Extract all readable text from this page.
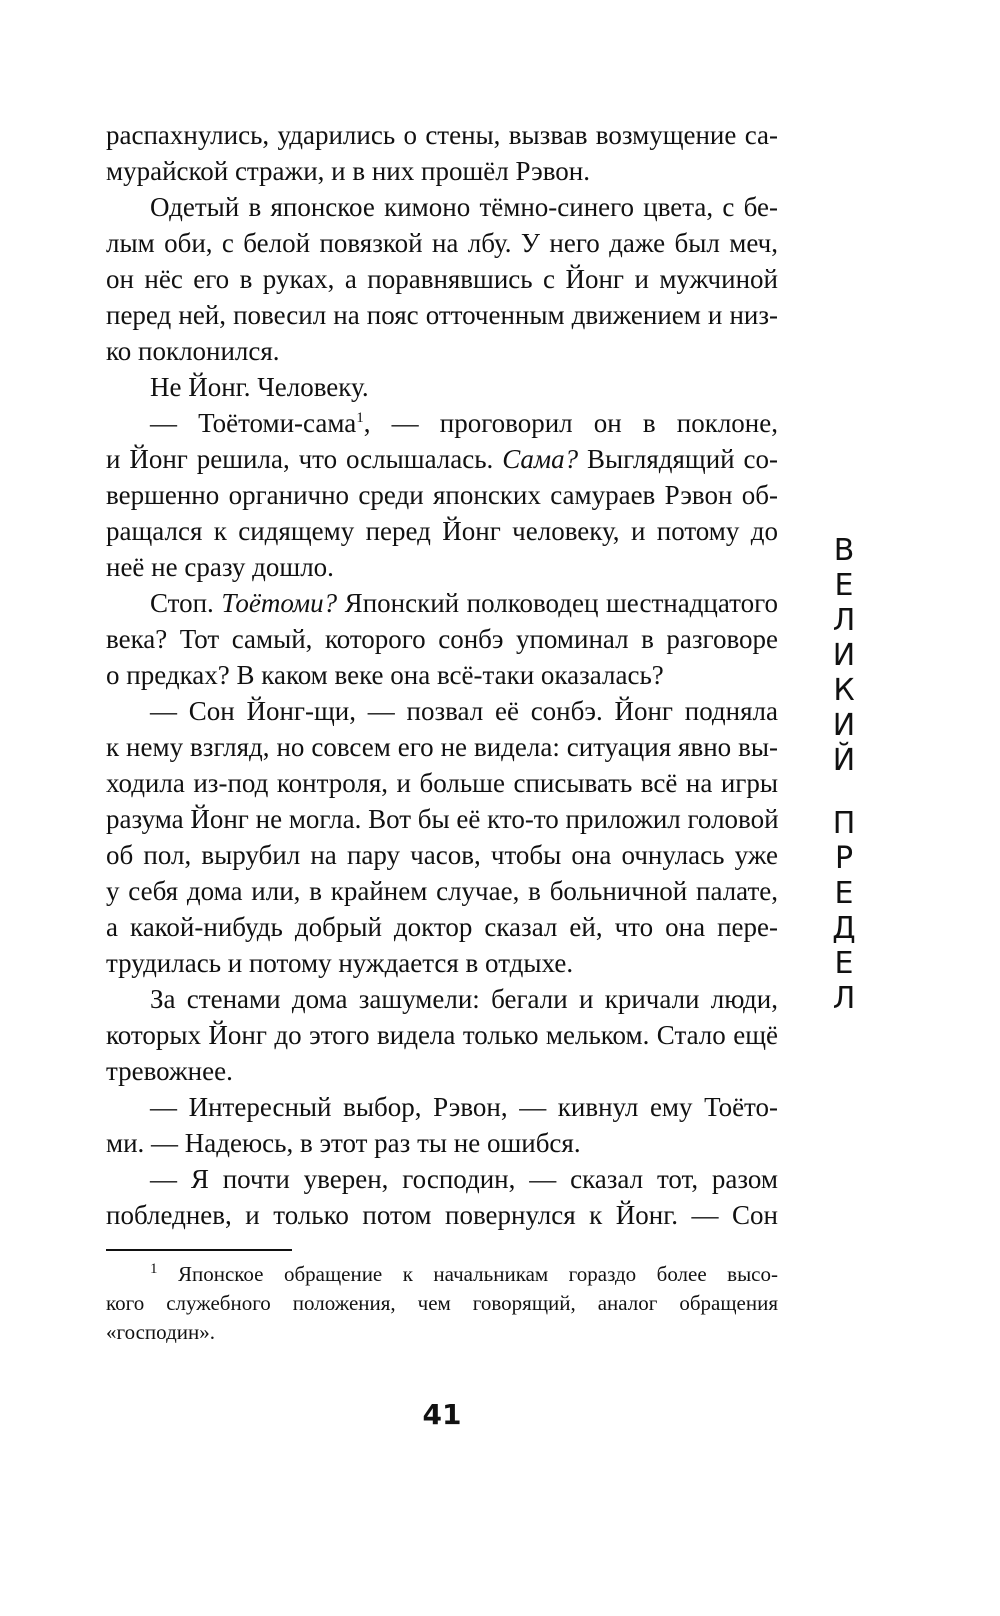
распахнулись, ударились о стены, вызвав возмущение са-
мурайской стражи, и в них прошёл Рэвон.
Одетый в японское кимоно тёмно-синего цвета, с бе-
лым оби, с белой повязкой на лбу. У него даже был меч,
он нёс его в руках, а поравнявшись с Йонг и мужчиной
перед ней, повесил на пояс отточенным движением и низ-
ко поклонился.
Не Йонг. Человеку.
— Тоётоми-сама$^1$, — проговорил он в поклоне,
и Йонг решила, что ослышалась. Сама? Выглядящий со-
вершенно органично среди японских самураев Рэвон об-
ращался к сидящему перед Йонг человеку, и потому до
неё не сразу дошло.
Стоп. Тоётоми? Японский полководец шестнадцатого
века? Тот самый, которого сонбэ упоминал в разговоре
о предках? В каком веке она всё-таки оказалась?
— Сон Йонг-щи, — позвал её сонбэ. Йонг подняла
к нему взгляд, но совсем его не видела: ситуация явно вы-
ходила из-под контроля, и больше списывать всё на игры
разума Йонг не могла. Вот бы её кто-то приложил головой
об пол, вырубил на пару часов, чтобы она очнулась уже
у себя дома или, в крайнем случае, в больничной палате,
а какой-нибудь добрый доктор сказал ей, что она пере-
трудилась и потому нуждается в отдыхе.
За стенами дома зашумели: бегали и кричали люди,
которых Йонг до этого видела только мельком. Стало ещё
тревожнее.
— Интересный выбор, Рэвон, — кивнул ему Тоёто-
ми. — Надеюсь, в этот раз ты не ошибся.
— Я почти уверен, господин, — сказал тот, разом
побледнев, и только потом повернулся к Йонг. — Сон
$^1$ Японское обращение к начальникам гораздо более высо-
кого служебного положения, чем говорящий, аналог обращения
«господин».
41
В
Е
Л
И
К
И
Й
П
Р
Е
Д
Е
Л
